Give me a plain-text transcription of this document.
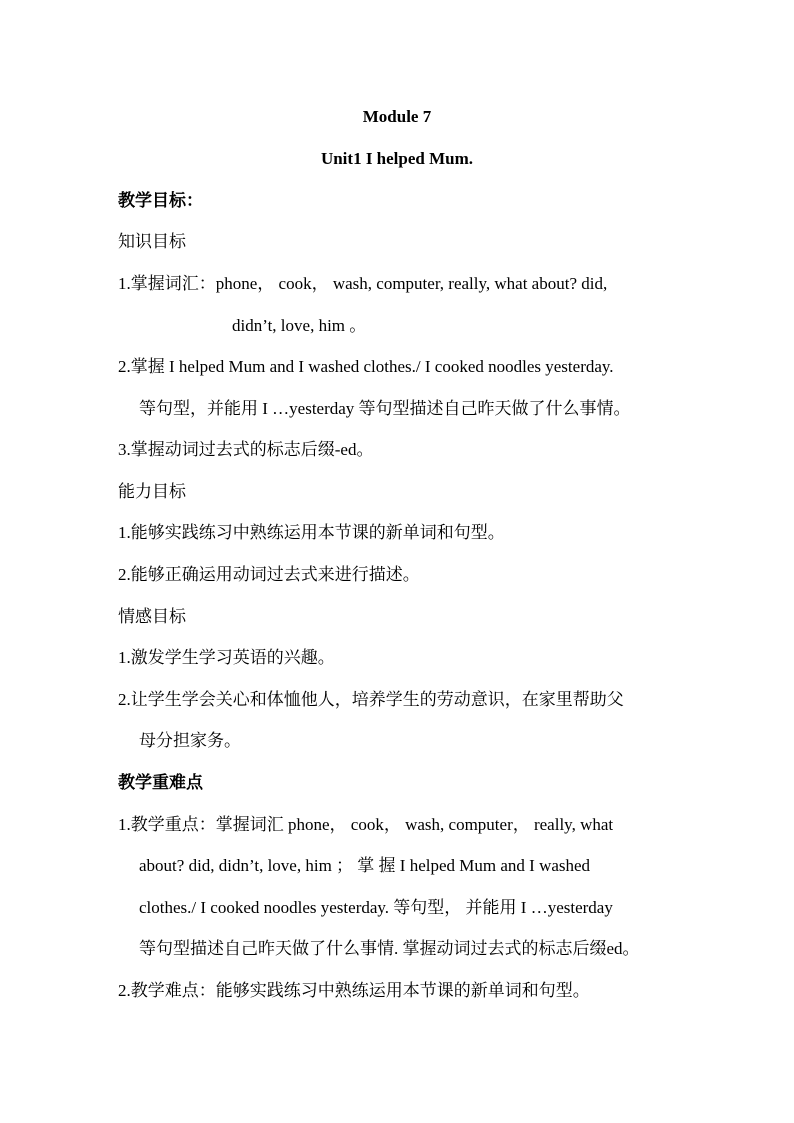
Module 7
Unit1 I helped Mum.
教学目标：
知识目标
1.掌握词汇：phone， cook， wash, computer, really, what about? did,
didn’t, love, him 。
2.掌握 I helped Mum and I washed clothes./ I cooked noodles yesterday.
等句型，并能用 I …yesterday 等句型描述自己昨天做了什么事情。
3.掌握动词过去式的标志后缀-ed。
能力目标
1.能够实践练习中熟练运用本节课的新单词和句型。
2.能够正确运用动词过去式来进行描述。
情感目标
1.激发学生学习英语的兴趣。
2.让学生学会关心和体恤他人，培养学生的劳动意识，在家里帮助父
母分担家务。
教学重难点
1.教学重点：掌握词汇 phone， cook， wash, computer， really, what
about? did, didn’t, love, him ； 掌 握 I helped Mum and I washed
clothes./ I cooked noodles yesterday. 等句型， 并能用 I …yesterday
等句型描述自己昨天做了什么事情. 掌握动词过去式的标志后缀ed。
2.教学难点：能够实践练习中熟练运用本节课的新单词和句型。
